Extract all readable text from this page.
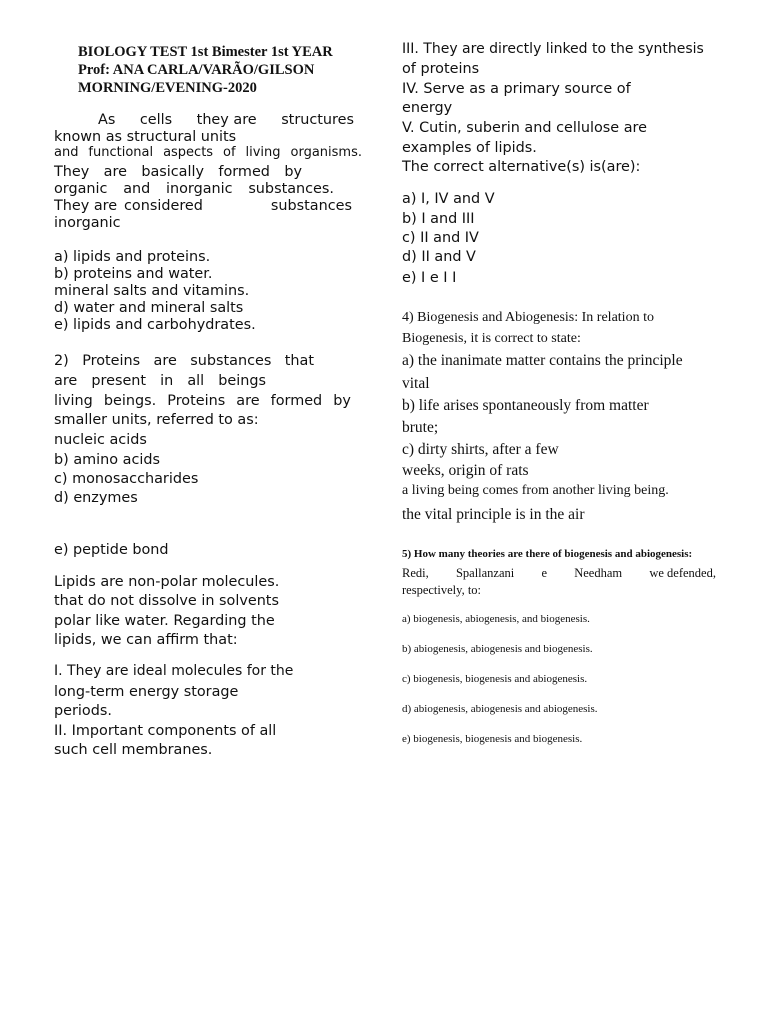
BIOLOGY TEST 1st Bimester 1st YEAR
Prof: ANA CARLA/VARÃO/GILSON
MORNING/EVENING-2020
As cells they are structures
known as structural units
and functional aspects of living organisms.
They are basically formed by
organic and inorganic substances.
They are considered	substances
inorganic
a) lipids and proteins.
b) proteins and water.
mineral salts and vitamins.
d) water and mineral salts
e) lipids and carbohydrates.
2) Proteins are substances that
are present in all beings
living beings. Proteins are formed by
smaller units, referred to as:
nucleic acids
b) amino acids
c) monosaccharides
d) enzymes
e) peptide bond
Lipids are non-polar molecules.
that do not dissolve in solvents
polar like water. Regarding the
lipids, we can affirm that:
I. They are ideal molecules for the
long-term energy storage
periods.
II. Important components of all
such cell membranes.
III. They are directly linked to the synthesis
of proteins
IV. Serve as a primary source of
energy
V. Cutin, suberin and cellulose are
examples of lipids.
The correct alternative(s) is(are):
a) I, IV and V
b) I and III
c) II and IV
d) II and V
e) I e I I
4) Biogenesis and Abiogenesis: In relation to
Biogenesis, it is correct to state:
a) the inanimate matter contains the principle
vital
b) life arises spontaneously from matter
brute;
c) dirty shirts, after a few
weeks, origin of rats
a living being comes from another living being.
the vital principle is in the air
5) How many theories are there of biogenesis and abiogenesis:
Redi, Spallanzani e Needham we defended,
respectively, to:
a) biogenesis, abiogenesis, and biogenesis.
b) abiogenesis, abiogenesis and biogenesis.
c) biogenesis, biogenesis and abiogenesis.
d) abiogenesis, abiogenesis and abiogenesis.
e) biogenesis, biogenesis and biogenesis.
